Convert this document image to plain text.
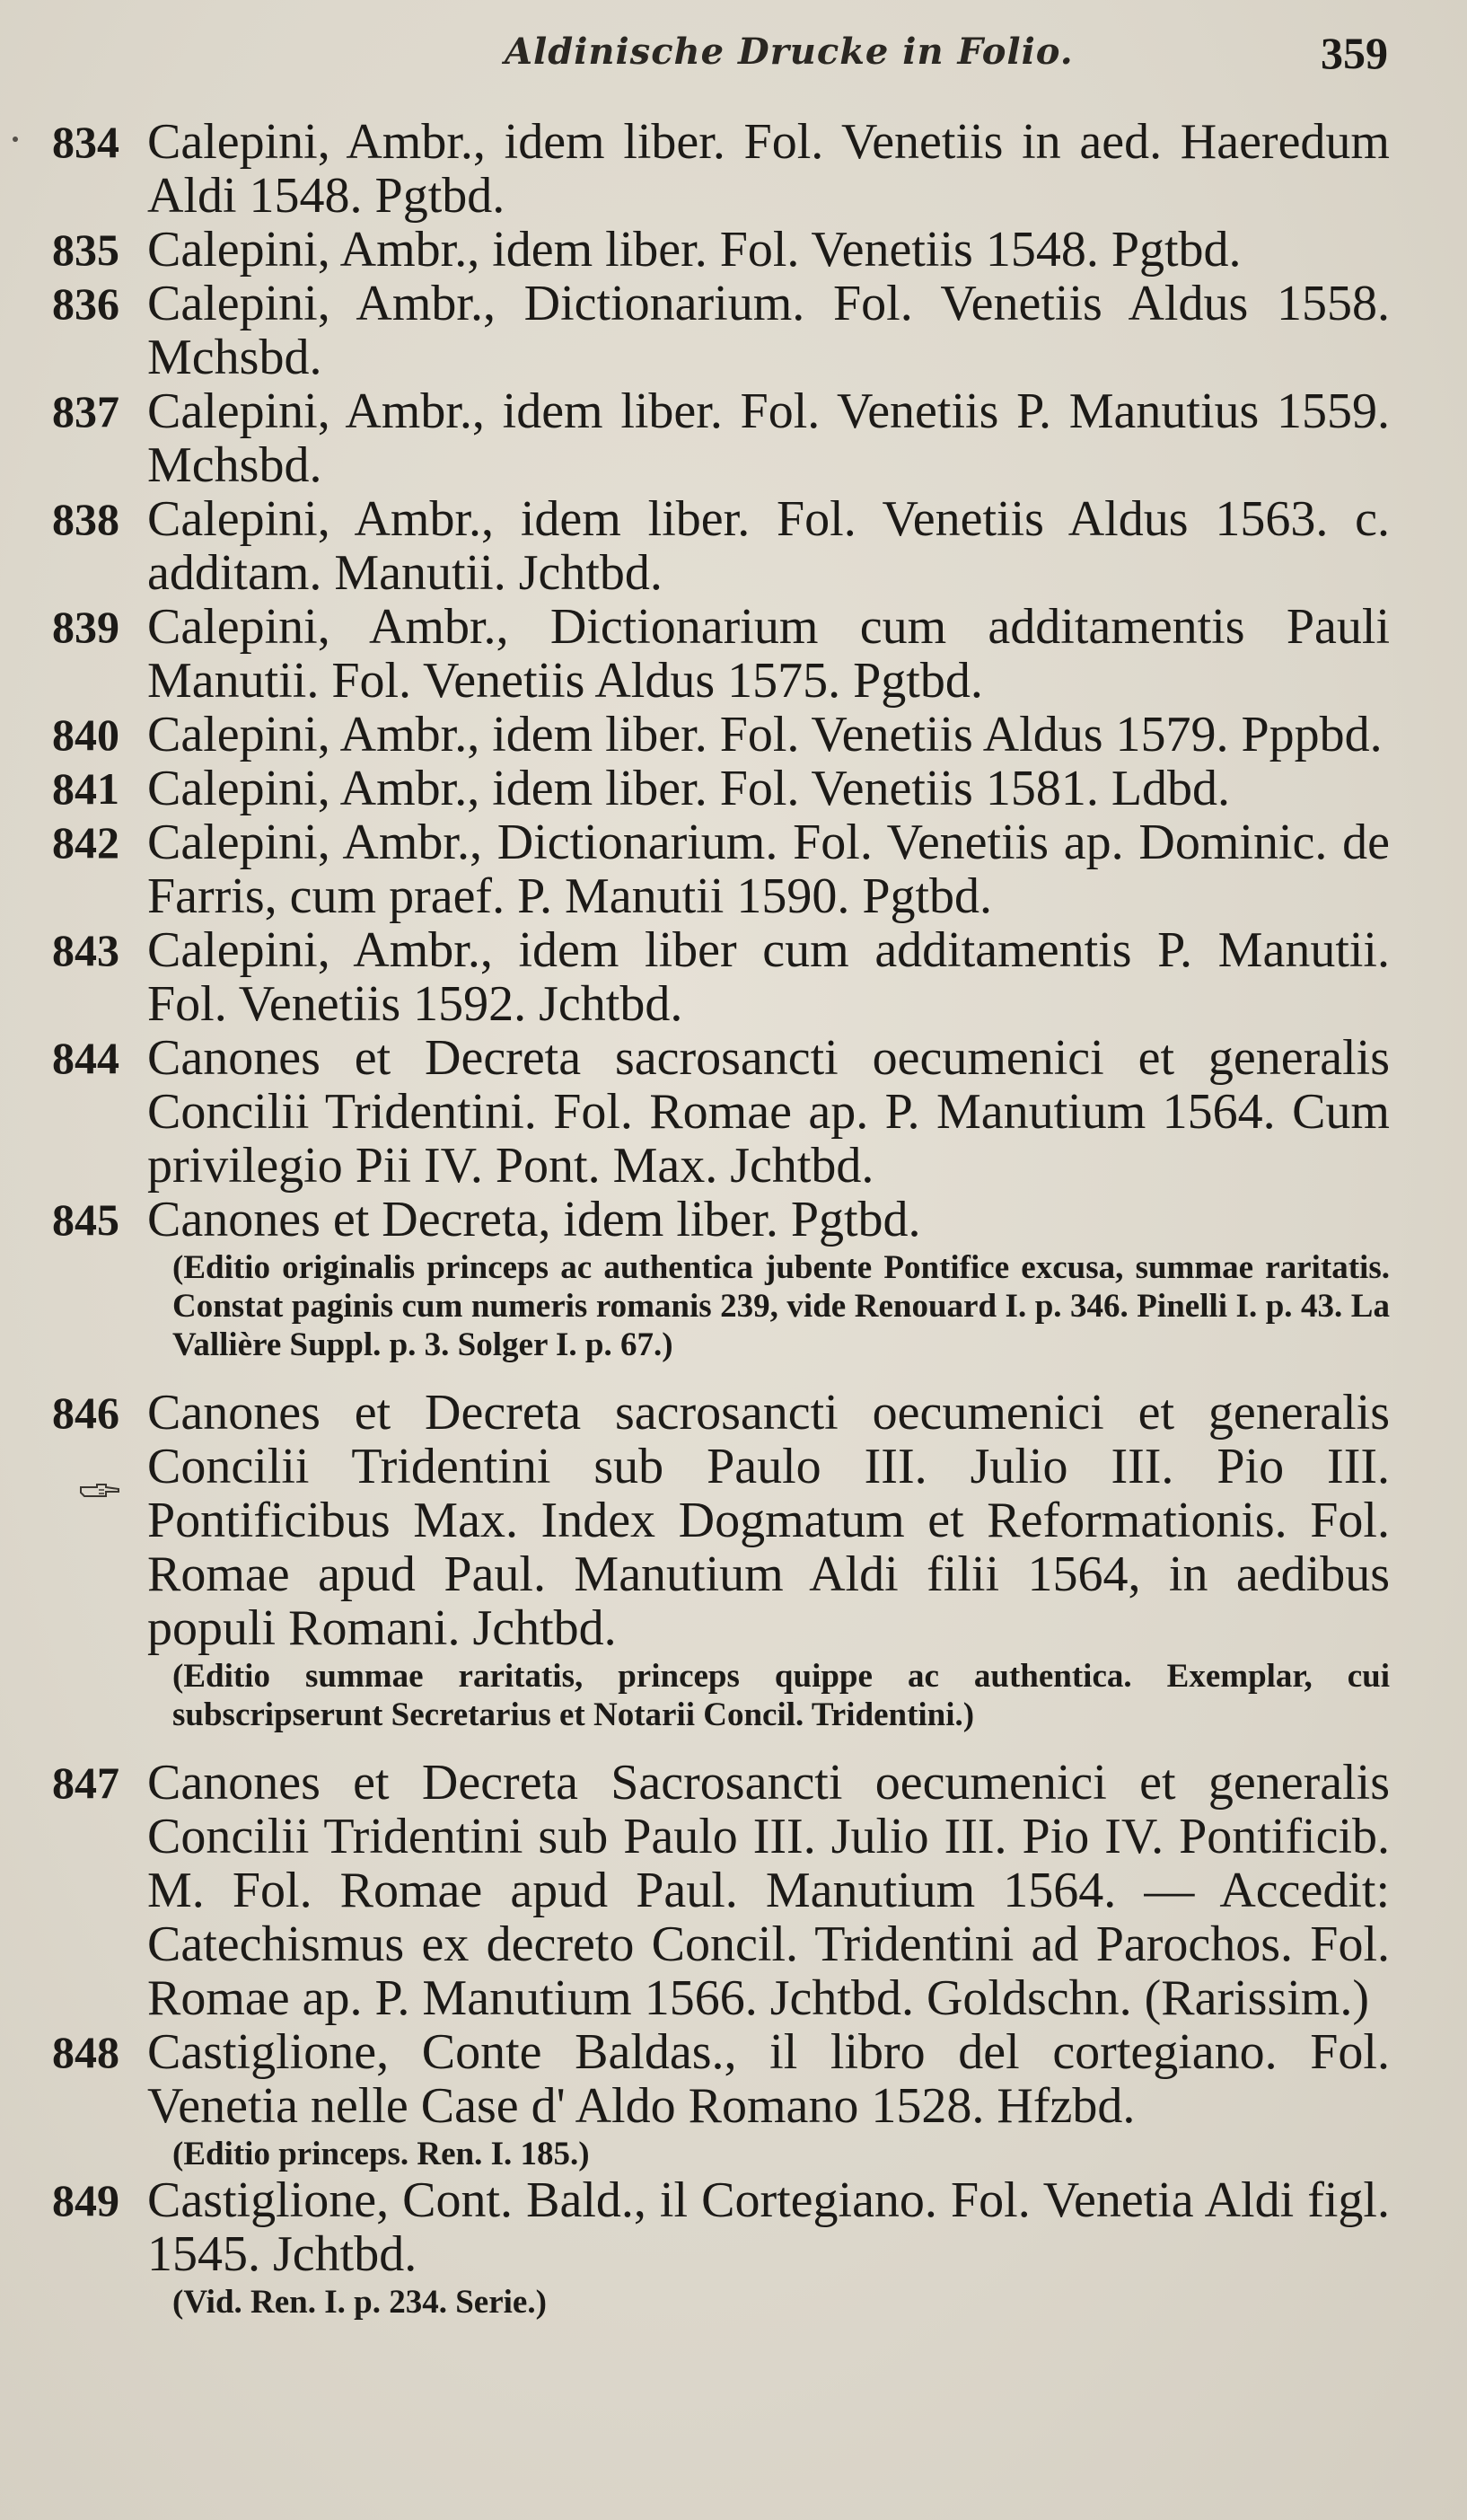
Aldinische Drucke in Folio.	359
834 Calepini, Ambr., idem liber. Fol. Venetiis in aed. Haeredum Aldi 1548. Pgtbd.
835 Calepini, Ambr., idem liber. Fol. Venetiis 1548. Pgtbd.
836 Calepini, Ambr., Dictionarium. Fol. Venetiis Aldus 1558. Mchsbd.
837 Calepini, Ambr., idem liber. Fol. Venetiis P. Manutius 1559. Mchsbd.
838 Calepini, Ambr., idem liber. Fol. Venetiis Aldus 1563. c. additam. Manutii. Jchtbd.
839 Calepini, Ambr., Dictionarium cum additamentis Pauli Manutii. Fol. Venetiis Aldus 1575. Pgtbd.
840 Calepini, Ambr., idem liber. Fol. Venetiis Aldus 1579. Pppbd.
841 Calepini, Ambr., idem liber. Fol. Venetiis 1581. Ldbd.
842 Calepini, Ambr., Dictionarium. Fol. Venetiis ap. Dominic. de Farris, cum praef. P. Manutii 1590. Pgtbd.
843 Calepini, Ambr., idem liber cum additamentis P. Manutii. Fol. Venetiis 1592. Jchtbd.
844 Canones et Decreta sacrosancti oecumenici et generalis Concilii Tridentini. Fol. Romae ap. P. Manutium 1564. Cum privilegio Pii IV. Pont. Max. Jchtbd.
845 Canones et Decreta, idem liber. Pgtbd.
(Editio originalis princeps ac authentica jubente Pontifice excusa, summae raritatis. Constat paginis cum numeris romanis 239, vide Renouard I. p. 346. Pinelli I. p. 43. La Vallière Suppl. p. 3. Solger I. p. 67.)
846 Canones et Decreta sacrosancti oecumenici et generalis Concilii Tridentini sub Paulo III. Julio III. Pio III. Pontificibus Max. Index Dogmatum et Reformationis. Fol. Romae apud Paul. Manutium Aldi filii 1564, in aedibus populi Romani. Jchtbd.
(Editio summae raritatis, princeps quippe ac authentica. Exemplar, cui subscripserunt Secretarius et Notarii Concil. Tridentini.)
847 Canones et Decreta Sacrosancti oecumenici et generalis Concilii Tridentini sub Paulo III. Julio III. Pio IV. Pontificib. M. Fol. Romae apud Paul. Manutium 1564. — Accedit: Catechismus ex decreto Concil. Tridentini ad Parochos. Fol. Romae ap. P. Manutium 1566. Jchtbd. Goldschn. (Rarissim.)
848 Castiglione, Conte Baldas., il libro del cortegiano. Fol. Venetia nelle Case d' Aldo Romano 1528. Hfzbd.
(Editio princeps. Ren. I. 185.)
849 Castiglione, Cont. Bald., il Cortegiano. Fol. Venetia Aldi figl. 1545. Jchtbd.
(Vid. Ren. I. p. 234. Serie.)
